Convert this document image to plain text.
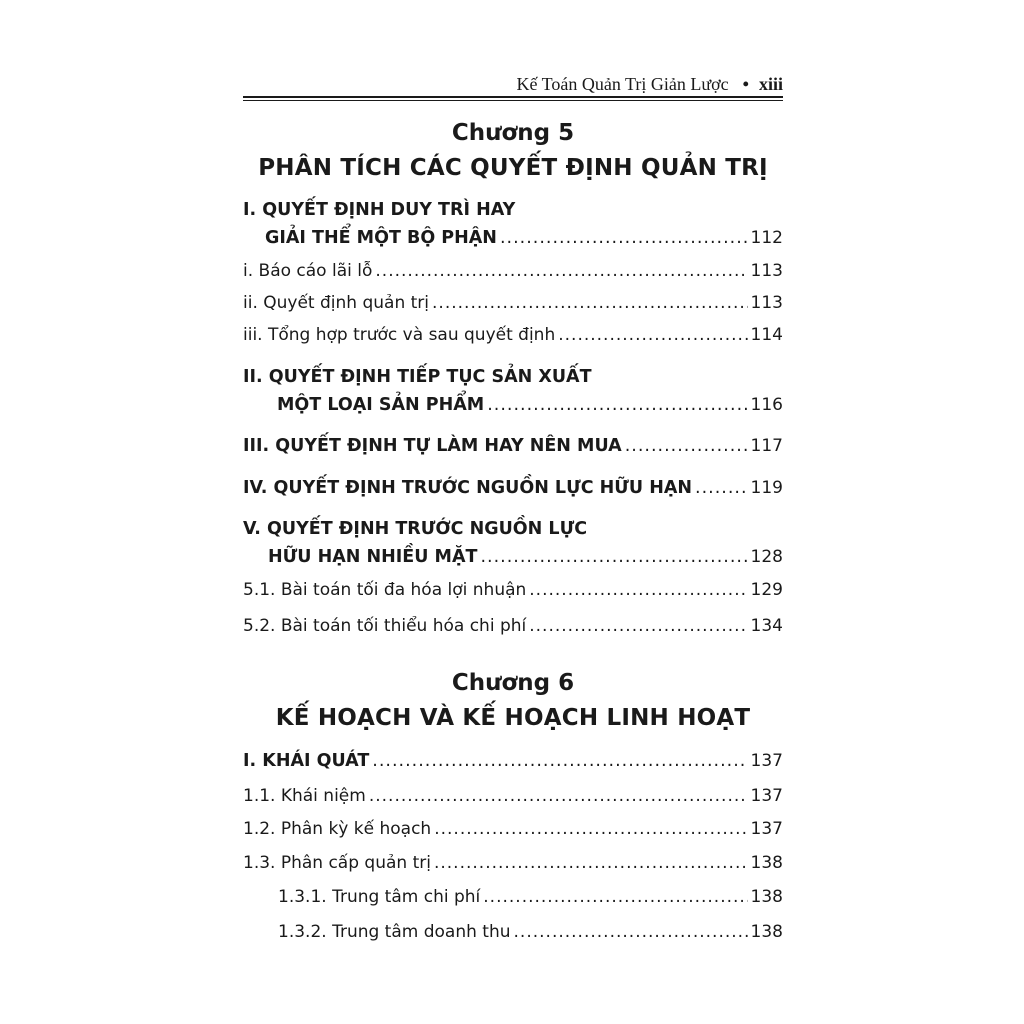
Kế Toán Quản Trị Giản Lược • xiii
Chương 5
PHÂN TÍCH CÁC QUYẾT ĐỊNH QUẢN TRỊ
I. QUYẾT ĐỊNH DUY TRÌ HAY
GIẢI THỂ MỘT BỘ PHẬN .....	112
i. Báo cáo lãi lỗ .....	113
ii. Quyết định quản trị .....	113
iii. Tổng hợp trước và sau quyết định .....	114
II. QUYẾT ĐỊNH TIẾP TỤC SẢN XUẤT
MỘT LOẠI SẢN PHẨM .....	116
III. QUYẾT ĐỊNH TỰ LÀM HAY NÊN MUA .....	117
IV. QUYẾT ĐỊNH TRƯỚC NGUỒN LỰC HỮU HẠN .....	119
V. QUYẾT ĐỊNH TRƯỚC NGUỒN LỰC
HỮU HẠN NHIỀU MẶT .....	128
5.1. Bài toán tối đa hóa lợi nhuận .....	129
5.2. Bài toán tối thiểu hóa chi phí .....	134
Chương 6
KẾ HOẠCH VÀ KẾ HOẠCH LINH HOẠT
I. KHÁI QUÁT .....	137
1.1. Khái niệm .....	137
1.2. Phân kỳ kế hoạch .....	137
1.3. Phân cấp quản trị .....	138
1.3.1. Trung tâm chi phí .....	138
1.3.2. Trung tâm doanh thu .....	138
